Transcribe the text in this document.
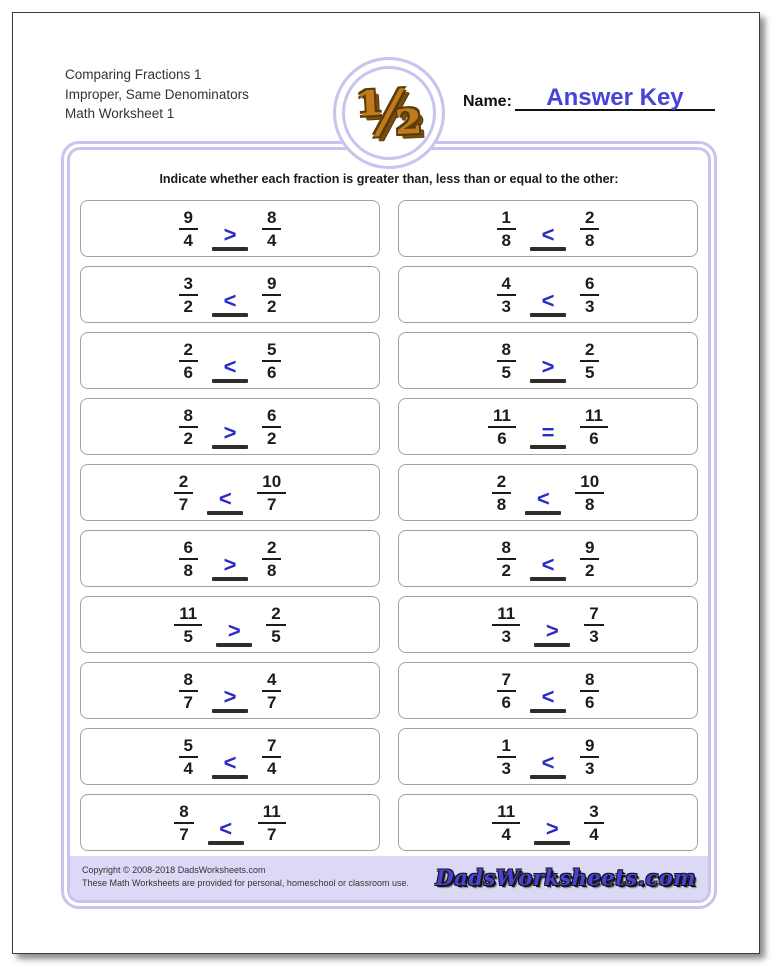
Comparing Fractions 1
Improper, Same Denominators
Math Worksheet 1	½ Name:	Answer Key
Indicate whether each fraction is greater than, less than or equal to the other:
$\frac{9}{4} > \frac{8}{4}$
$\frac{3}{2} < \frac{9}{2}$
$\frac{2}{6} < \frac{5}{6}$
$\frac{8}{2} > \frac{6}{2}$
$\frac{2}{7} < \frac{10}{7}$
$\frac{6}{8} > \frac{2}{8}$
$\frac{11}{5} > \frac{2}{5}$
$\frac{8}{7} > \frac{4}{7}$
$\frac{5}{4} < \frac{7}{4}$
$\frac{8}{7} < \frac{11}{7}$
$\frac{1}{8} < \frac{2}{8}$
$\frac{4}{3} < \frac{6}{3}$
$\frac{8}{5} > \frac{2}{5}$
$\frac{11}{6} = \frac{11}{6}$
$\frac{2}{8} < \frac{10}{8}$
$\frac{8}{2} < \frac{9}{2}$
$\frac{11}{3} > \frac{7}{3}$
$\frac{7}{6} < \frac{8}{6}$
$\frac{1}{3} < \frac{9}{3}$
$\frac{11}{4} > \frac{3}{4}$
Copyright © 2008-2018 DadsWorksheets.com
These Math Worksheets are provided for personal, homeschool or classroom use. DadsWorksheets.com
